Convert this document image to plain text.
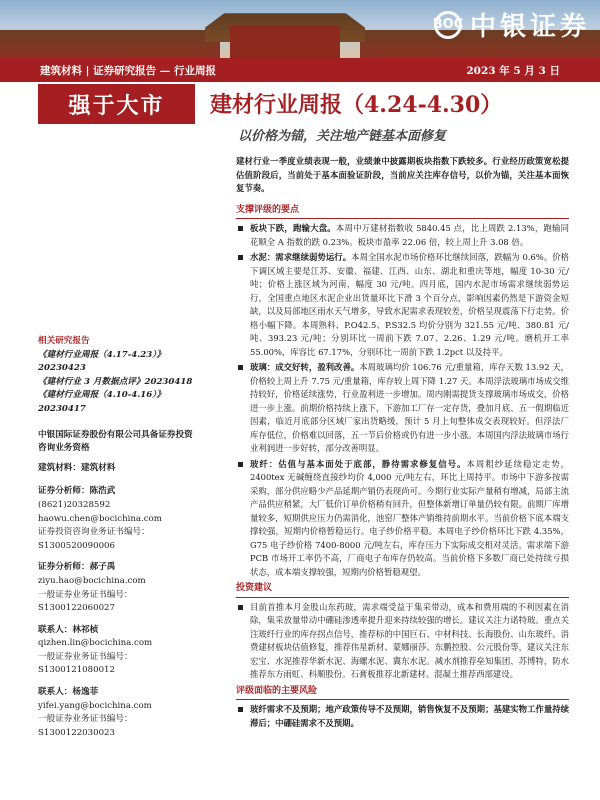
BOC 中银证券
建筑材料 | 证券研究报告 — 行业周报	2023 年 5 月 3 日
强于大市	建材行业周报（4.24-4.30）
以价格为锚，关注地产链基本面修复
相关研究报告
《建材行业周报（4.17-4.23）》20230423
《建材行业 3 月数据点评》20230418
《建材行业周报（4.10-4.16）》20230417
中银国际证券股份有限公司具备证券投资咨询业务资格
建筑材料：建筑材料
证券分析师：陈浩武
(8621)20328592
haowu.chen@bocichina.com
证券投资咨询业务证书编号：S1300520090006
证券分析师：郝子禹
ziyu.hao@bocichina.com
一般证券业务证书编号：S1300122060027
联系人：林祁桢
qizhen.lin@bocichina.com
一般证券业务证书编号：S1300121080012
联系人：杨逸菲
yifei.yang@bocichina.com
一般证券业务证书编号：S1300122030023
建材行业一季度业绩表现一般，业绩兼中披露期板块指数下跌较多。行业经历政策宽松提估值阶段后，当前处于基本面验证阶段，当前应关注库存信号，以价为锚，关注基本面恢复节奏。
支撑评级的要点
板块下跌，跑输大盘。本周中万建材指数收 5840.45 点，比上周跌 2.13%，跑输同花顺全 A 指数的跌 0.23%。板块市盈率 22.06 倍，较上周上升 3.08 倍。
水泥：需求继续弱势运行。本周全国水泥市场价格环比继续回落，跌幅为 0.6%。价格下调区域主要是江苏、安徽、福建、江西、山东、湖北和重庆等地，幅度 10-30 元/吨；价格上涨区域为河南，幅度 30 元/吨。四月底，国内水泥市场需求继续弱势运行，全国重点地区水泥企业出货量环比下滑 3 个百分点，影响因素仍然是下游资金短缺，以及局部地区雨水天气增多，导致水泥需求表现较差，价格呈现震荡下行走势。价格小幅下降。本周熟料、P.O42.5、P.S32.5 均价分别为 321.55 元/吨、380.81 元/吨、393.23 元/吨；分别环比一周前下跌 7.07、2.26、1.29 元/吨。磨机开工率 55.00%，库容比 67.17%，分别环比一周前下跌 1.2pct 以及持平。
玻璃：成交好转，盈利改善。本周玻璃均价 106.76 元/重量箱，库存天数 13.92 天，价格较上周上升 7.75 元/重量箱，库存较上周下降 1.27 天。本周浮法玻璃市场成交维持较好，价格延续涨势，行业盈利进一步增加。周内刚需提货支撑玻璃市场成交，价格进一步上涨。前期价格持续上涨下，下游加工厂存一定存货，叠加月底、五一假期临近因素，临近月底部分区域厂家出货略缓，预计 5 月上旬整体成交表现较好。但浮法厂库存低位，价格难以回落，五一节后价格或仍有进一步小涨。本周国内浮法玻璃市场行业利润进一步好转，部分改善明显。
玻纤：估值与基本面处于底部，静待需求修复信号。本周粗纱延续稳定走势，2400tex 无碱缠绕直接纱均价 4,000 元/吨左右，环比上周持平。市场中下游多按需采购，部分供应略少产品延期产销仍表现尚可。今期行业实际产量稍有增减，局部主流产品供应稍紧，大厂低价订单价格稍有回升，但整体新增订单量仍较有限。前期厂库增量较多，短期供应压力仍需消化，池窑厂整体产销维持前期水平。当前价格下底本端支撑较强，短期内价格暂稳运行。电子纱价格平稳。本周电子纱价格环比下跌 4.35%，G75 电子纱价格 7400-8000 元/吨左右，库存压力下实际成交相对灵活。需求端下游 PCB 市场开工率仍不高，厂商电子布库存仍较高。当前价格下多数厂商已处持续亏损状态，成本端支撑较强，短期内价格暂稳观望。
投资建议
目前首推本月金股山东药玻，需求端受益于集采带动，成本和费用端的不利因素在消除，集采放量带动中硼硅渗透率提升迎来持续较强的增长。建议关注力诺特玻。重点关注玻纤行业的库存拐点信号，推荐标的中国巨石、中材科技、长海股份、山东玻纤。消费建材板块估值修复，推荐伟星新材、蒙娜丽莎、东鹏控股、公元股份等，建议关注东宏宝、水泥推荐华新水泥、海螺水泥、冀东水泥。减水剂推荐垒知集团、苏博特，防水推荐东方雨虹、科顺股份。石膏板推荐北新建材。混凝土推荐西部建设。
评级面临的主要风险
玻纤需求不及预期；地产政策传导不及预期，销售恢复不及预期；基建实物工作量持续滞后；中硼硅需求不及预期。
